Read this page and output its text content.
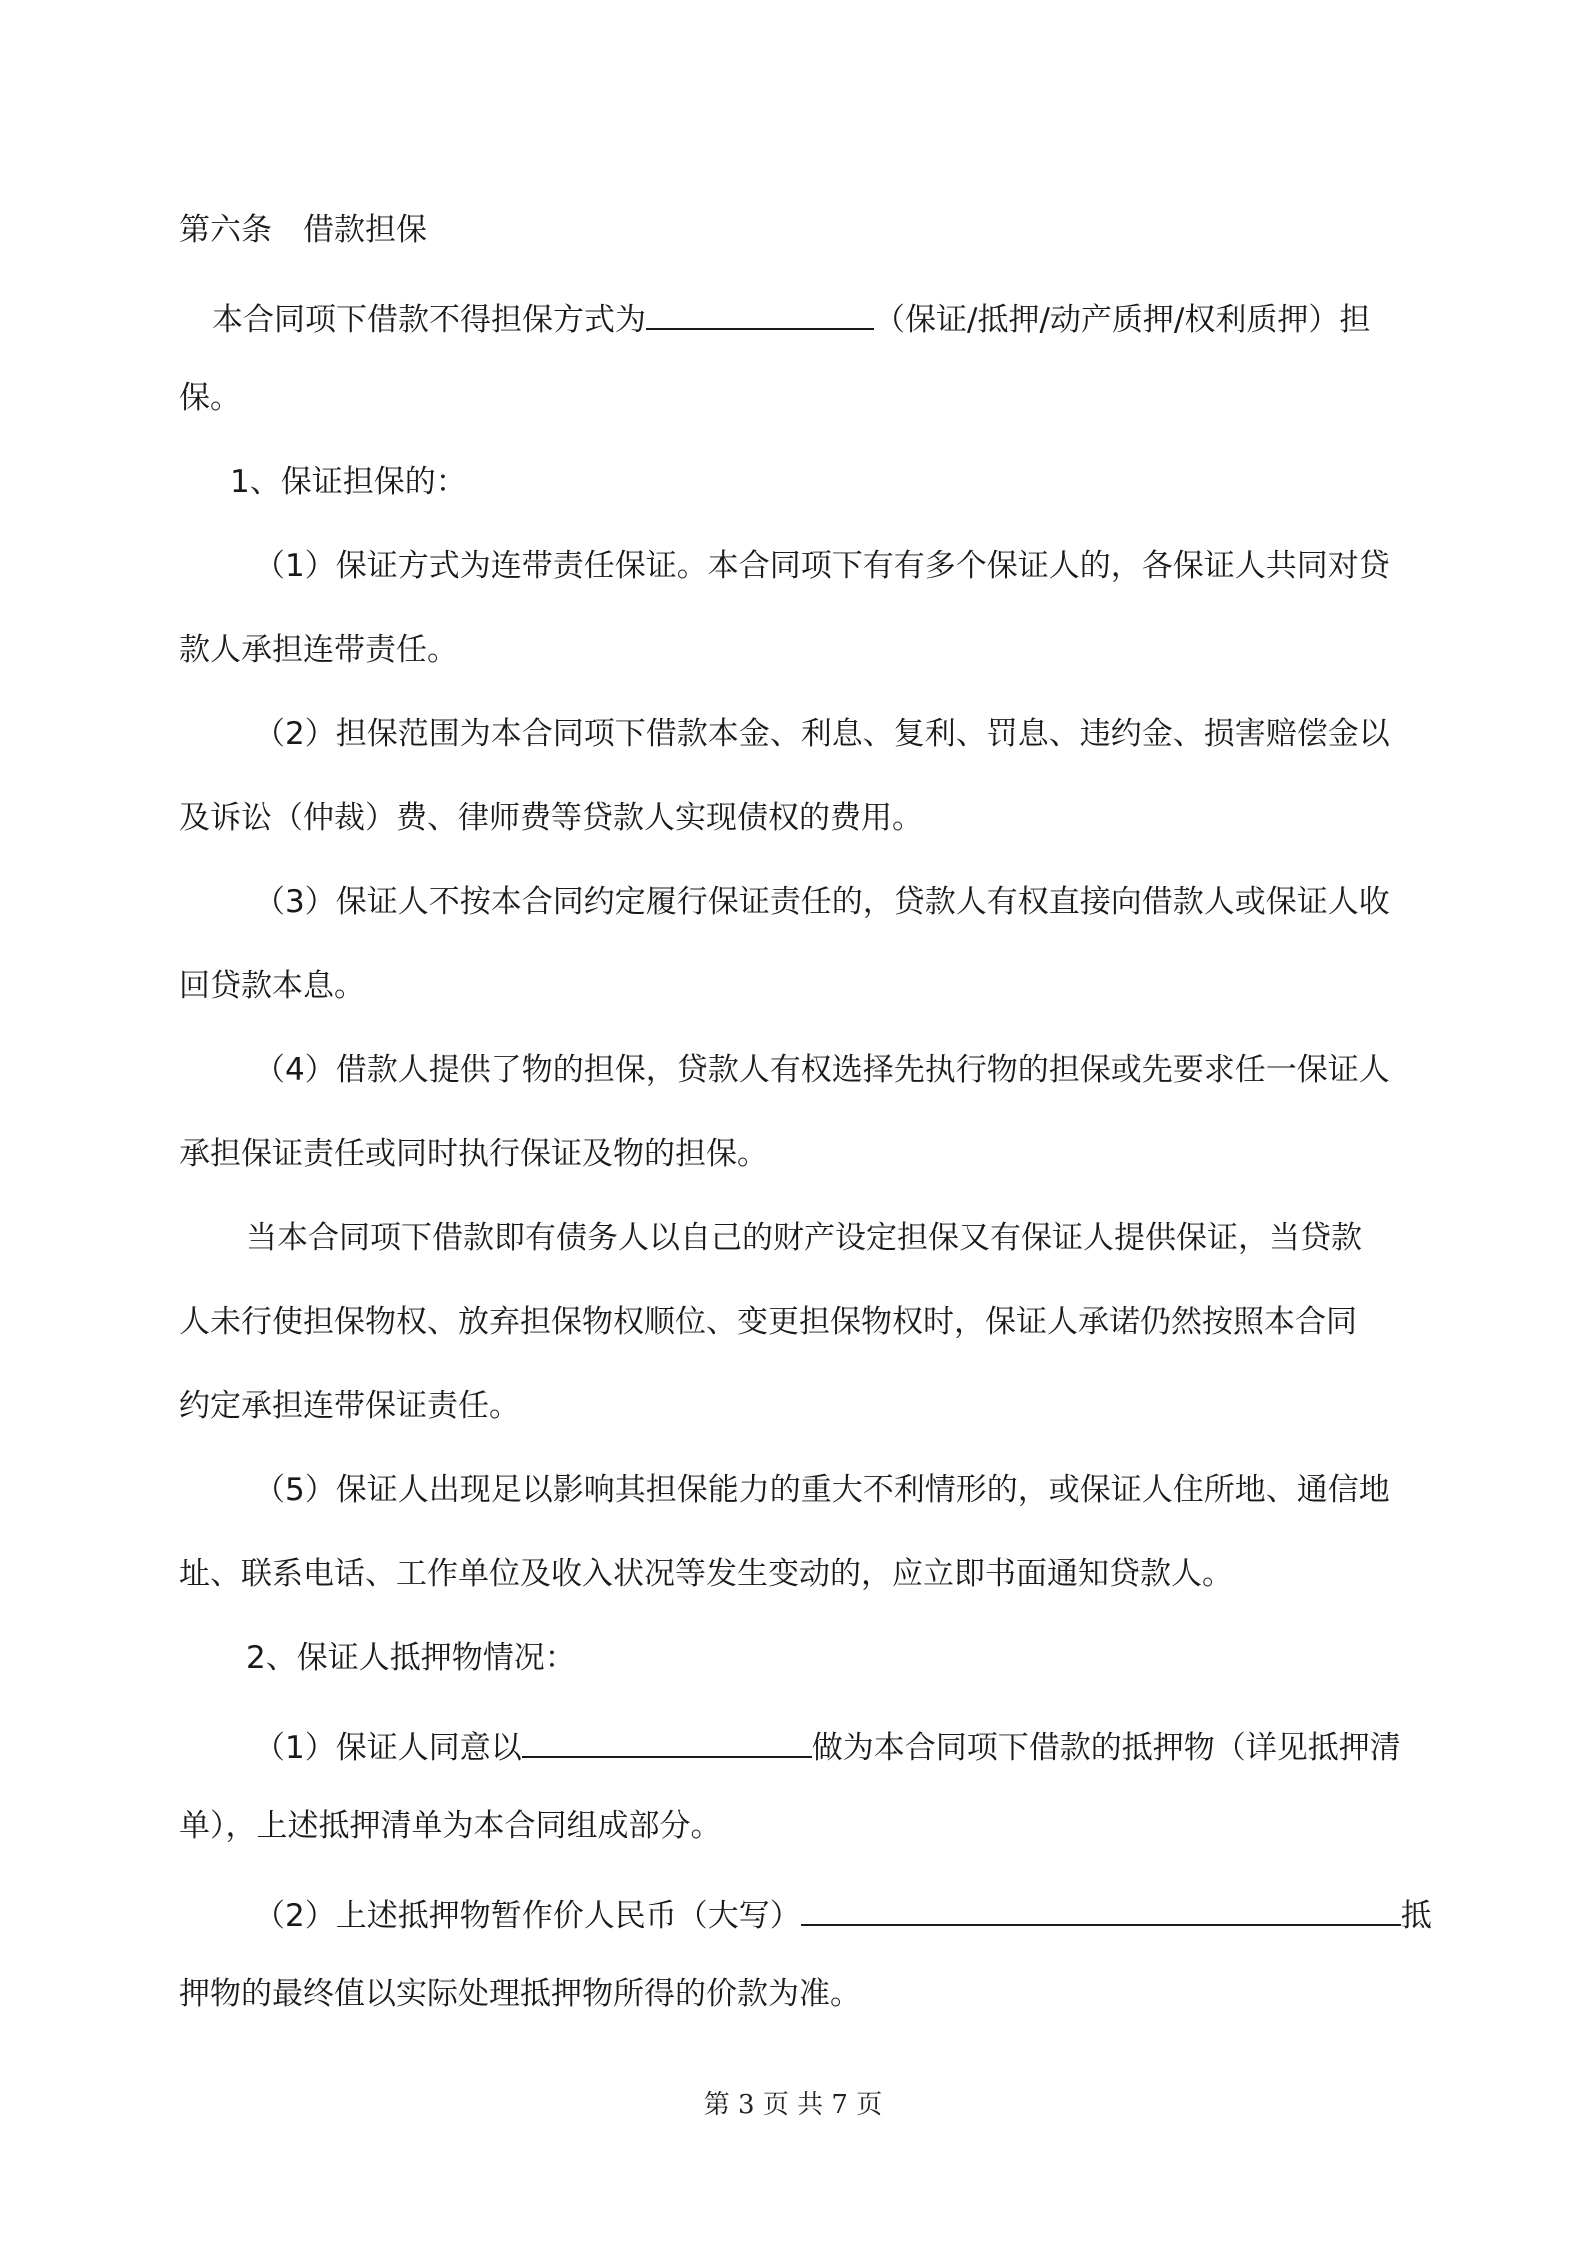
第六条　借款担保
本合同项下借款不得担保方式为	（保证/抵押/动产质押/权利质押）担
保。
1、保证担保的：
（1）保证方式为连带责任保证。本合同项下有有多个保证人的，各保证人共同对贷
款人承担连带责任。
（2）担保范围为本合同项下借款本金、利息、复利、罚息、违约金、损害赔偿金以
及诉讼（仲裁）费、律师费等贷款人实现债权的费用。
（3）保证人不按本合同约定履行保证责任的，贷款人有权直接向借款人或保证人收
回贷款本息。
（4）借款人提供了物的担保，贷款人有权选择先执行物的担保或先要求任一保证人
承担保证责任或同时执行保证及物的担保。
当本合同项下借款即有债务人以自己的财产设定担保又有保证人提供保证，当贷款
人未行使担保物权、放弃担保物权顺位、变更担保物权时，保证人承诺仍然按照本合同
约定承担连带保证责任。
（5）保证人出现足以影响其担保能力的重大不利情形的，或保证人住所地、通信地
址、联系电话、工作单位及收入状况等发生变动的，应立即书面通知贷款人。
2、保证人抵押物情况：
（1）保证人同意以	做为本合同项下借款的抵押物（详见抵押清
单），上述抵押清单为本合同组成部分。
（2）上述抵押物暂作价人民币（大写）	抵
押物的最终值以实际处理抵押物所得的价款为准。
第 3 页 共 7 页
